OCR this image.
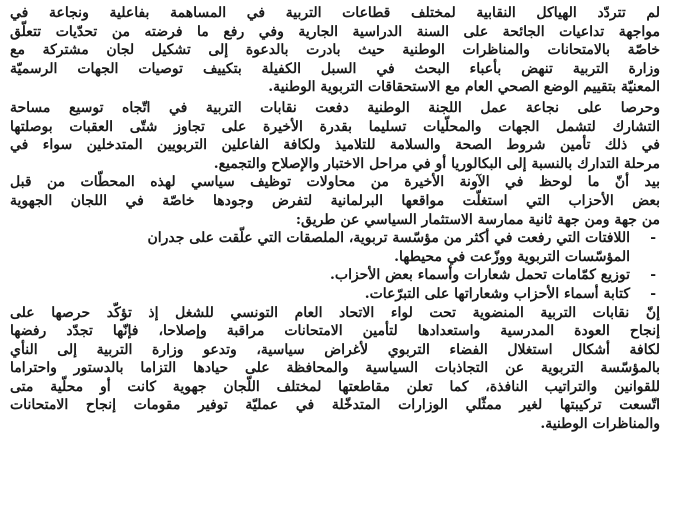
لم تتردّد الهياكل النقابية لمختلف قطاعات التربية في المساهمة بفاعلية ونجاعة في
مواجهة تداعيات الجائحة على السنة الدراسية الجارية وفي رفع ما فرضته من تحدّيات تتعلّق
خاصّة بالامتحانات والمناظرات الوطنية حيث بادرت بالدعوة إلى تشكيل لجان مشتركة مع
وزارة التربية تنهض بأعباء البحث في السبل الكفيلة بتكييف توصيات الجهات الرسميّة
المعنيّة بتقييم الوضع الصحي العام مع الاستحقاقات التربوية الوطنية.

وحرصا على نجاعة عمل اللجنة الوطنية دفعت نقابات التربية في اتّجاه توسيع مساحة
التشارك لتشمل الجهات والمحلّيات تسليما بقدرة الأخيرة على تجاوز شتّى العقبات بوصلتها
في ذلك تأمين شروط الصحة والسلامة للتلاميذ ولكافة الفاعلين التربويين المتدخلين سواء في
مرحلة التدارك بالنسبة إلى البكالوريا أو في مراحل الاختبار والإصلاح والتجميع.

بيد أنّ ما لوحظ في الآونة الأخيرة من محاولات توظيف سياسي لهذه المحطّات من قبل
بعض الأحزاب التي استغلّت مواقعها البرلمانية لتفرض وجودها خاصّة في اللجان الجهوية
من جهة ومن جهة ثانية ممارسة الاستثمار السياسي عن طريق:

-
اللافتات التي رفعت في أكثر من مؤسّسة تربوية، الملصقات التي علّقت على جدران
المؤسّسات التربوية ووزّعت في محيطها.
-
توزيع كمّامات تحمل شعارات وأسماء بعض الأحزاب.
-
كتابة أسماء الأحزاب وشعاراتها على التبرّعات.

إنّ نقابات التربية المنضوية تحت لواء الاتحاد العام التونسي للشغل إذ تؤكّد حرصها على
إنجاح العودة المدرسية واستعدادها لتأمين الامتحانات مراقبة وإصلاحا، فإنّها تجدّد رفضها
لكافة أشكال استغلال الفضاء التربوي لأغراض سياسية، وتدعو وزارة التربية إلى النأي
بالمؤسّسة التربوية عن التجاذبات السياسية والمحافظة على حيادها التزاما بالدستور واحتراما
للقوانين والتراتيب النافذة، كما تعلن مقاطعتها لمختلف اللّجان جهوية كانت أو محلّية متى
اتّسعت تركيبتها لغير ممثّلي الوزارات المتدخّلة في عمليّة توفير مقومات إنجاح الامتحانات
والمناظرات الوطنية.
